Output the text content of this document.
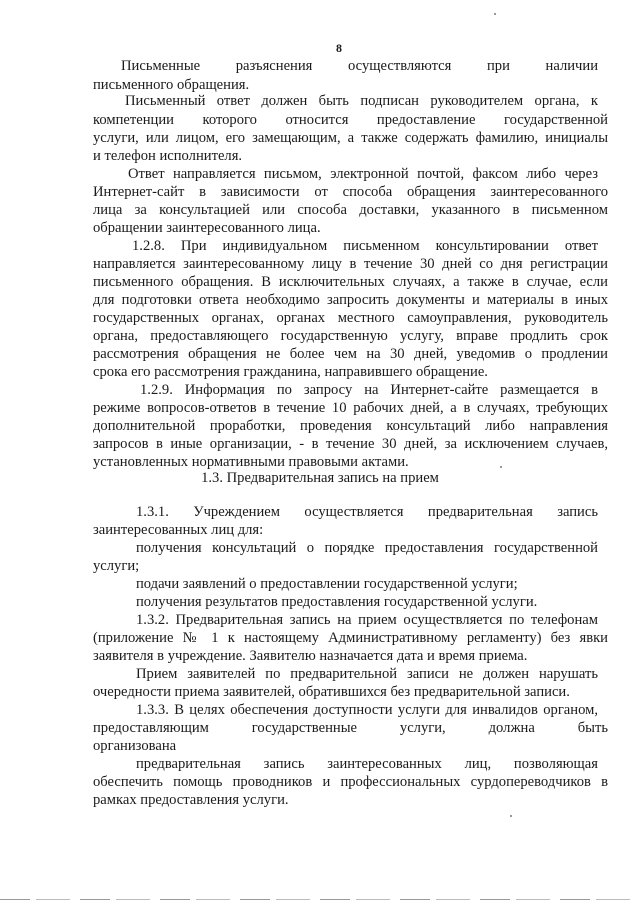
8
Письменные разъяснения осуществляются при наличии
письменного обращения.
Письменный ответ должен быть подписан руководителем органа, к
компетенции которого относится предоставление государственной
услуги, или лицом, его замещающим, а также содержать фамилию, инициалы
и телефон исполнителя.
Ответ направляется письмом, электронной почтой, факсом либо через
Интернет-сайт в зависимости от способа обращения заинтересованного
лица за консультацией или способа доставки, указанного в письменном
обращении заинтересованного лица.
1.2.8. При индивидуальном письменном консультировании ответ
направляется заинтересованному лицу в течение 30 дней со дня регистрации
письменного обращения. В исключительных случаях, а также в случае, если
для подготовки ответа необходимо запросить документы и материалы в иных
государственных органах, органах местного самоуправления, руководитель
органа, предоставляющего государственную услугу, вправе продлить срок
рассмотрения обращения не более чем на 30 дней, уведомив о продлении
срока его рассмотрения гражданина, направившего обращение.
1.2.9. Информация по запросу на Интернет-сайте размещается в
режиме вопросов-ответов в течение 10 рабочих дней, а в случаях, требующих
дополнительной проработки, проведения консультаций либо направления
запросов в иные организации, - в течение 30 дней, за исключением случаев,
установленных нормативными правовыми актами.
1.3. Предварительная запись на прием
1.3.1. Учреждением осуществляется предварительная запись
заинтересованных лиц для:
получения консультаций о порядке предоставления государственной
услуги;
подачи заявлений о предоставлении государственной услуги;
получения результатов предоставления государственной услуги.
1.3.2. Предварительная запись на прием осуществляется по телефонам
(приложение № 1 к настоящему Административному регламенту) без явки
заявителя в учреждение. Заявителю назначается дата и время приема.
Прием заявителей по предварительной записи не должен нарушать
очередности приема заявителей, обратившихся без предварительной записи.
1.3.3. В целях обеспечения доступности услуги для инвалидов органом,
предоставляющим государственные услуги, должна быть
организована
предварительная запись заинтересованных лиц, позволяющая
обеспечить помощь проводников и профессиональных сурдопереводчиков в
рамках предоставления услуги.
